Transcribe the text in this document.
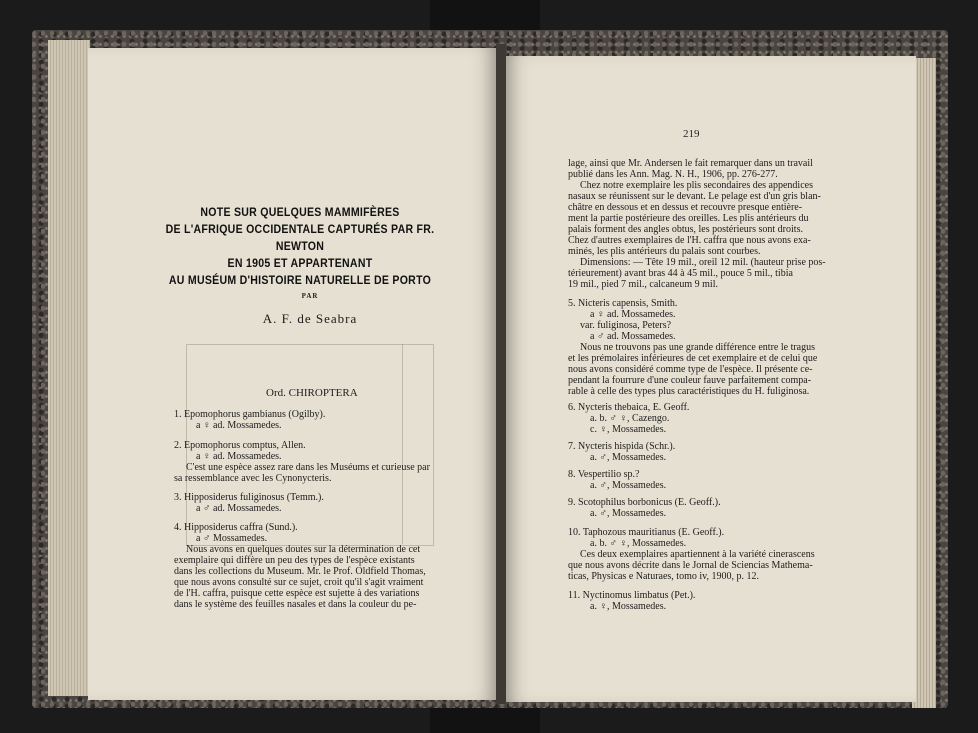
NOTE SUR QUELQUES MAMMIFÈRES
DE L'AFRIQUE OCCIDENTALE CAPTURÉS PAR FR. NEWTON
EN 1905 ET APPARTENANT
AU MUSÉUM D'HISTOIRE NATURELLE DE PORTO
PAR
A. F. de Seabra
Ord. CHIROPTERA
1. Epomophorus gambianus (Ogilby).
a ♀ ad. Mossamedes.
2. Epomophorus comptus, Allen.
a ♀ ad. Mossamedes.
C'est une espèce assez rare dans les Muséums et curieuse par
sa ressemblance avec les Cynonycteris.
3. Hipposiderus fuliginosus (Temm.).
a ♂ ad. Mossamedes.
4. Hipposiderus caffra (Sund.).
a ♂ Mossamedes.
Nous avons en quelques doutes sur la détermination de cet
exemplaire qui diffère un peu des types de l'espèce existants
dans les collections du Museum. Mr. le Prof. Oldfield Thomas,
que nous avons consulté sur ce sujet, croit qu'il s'agit vraiment
de l'H. caffra, puisque cette espèce est sujette à des variations
dans le système des feuilles nasales et dans la couleur du pe-
219
lage, ainsi que Mr. Andersen le fait remarquer dans un travail
publié dans les Ann. Mag. N. H., 1906, pp. 276-277.
Chez notre exemplaire les plis secondaires des appendices
nasaux se réunissent sur le devant. Le pelage est d'un gris blan-
châtre en dessous et en dessus et recouvre presque entière-
ment la partie postérieure des oreilles. Les plis antérieurs du
palais forment des angles obtus, les postérieurs sont droits.
Chez d'autres exemplaires de l'H. caffra que nous avons exa-
minés, les plis antérieurs du palais sont courbes.
Dimensions: — Tête 19 mil., oreil 12 mil. (hauteur prise pos-
térieurement) avant bras 44 à 45 mil., pouce 5 mil., tibia
19 mil., pied 7 mil., calcaneum 9 mil.
5. Nicteris capensis, Smith.
a ♀ ad. Mossamedes.
var. fuliginosa, Peters?
a ♂ ad. Mossamedes.
Nous ne trouvons pas une grande différence entre le tragus
et les prémolaires inférieures de cet exemplaire et de celui que
nous avons considéré comme type de l'espèce. Il présente ce-
pendant la fourrure d'une couleur fauve parfaitement compa-
rable à celle des types plus caractéristiques du H. fuliginosa.
6. Nycteris thebaica, E. Geoff.
a. b. ♂ ♀, Cazengo.
c. ♀, Mossamedes.
7. Nycteris hispida (Schr.).
a. ♂, Mossamedes.
8. Vespertilio sp.?
a. ♂, Mossamedes.
9. Scotophilus borbonicus (E. Geoff.).
a. ♂, Mossamedes.
10. Taphozous mauritianus (E. Geoff.).
a. b. ♂ ♀, Mossamedes.
Ces deux exemplaires apartiennent à la variété cinerascens
que nous avons décrite dans le Jornal de Sciencias Mathema-
ticas, Physicas e Naturaes, tomo iv, 1900, p. 12.
11. Nyctinomus limbatus (Pet.).
a. ♀, Mossamedes.
